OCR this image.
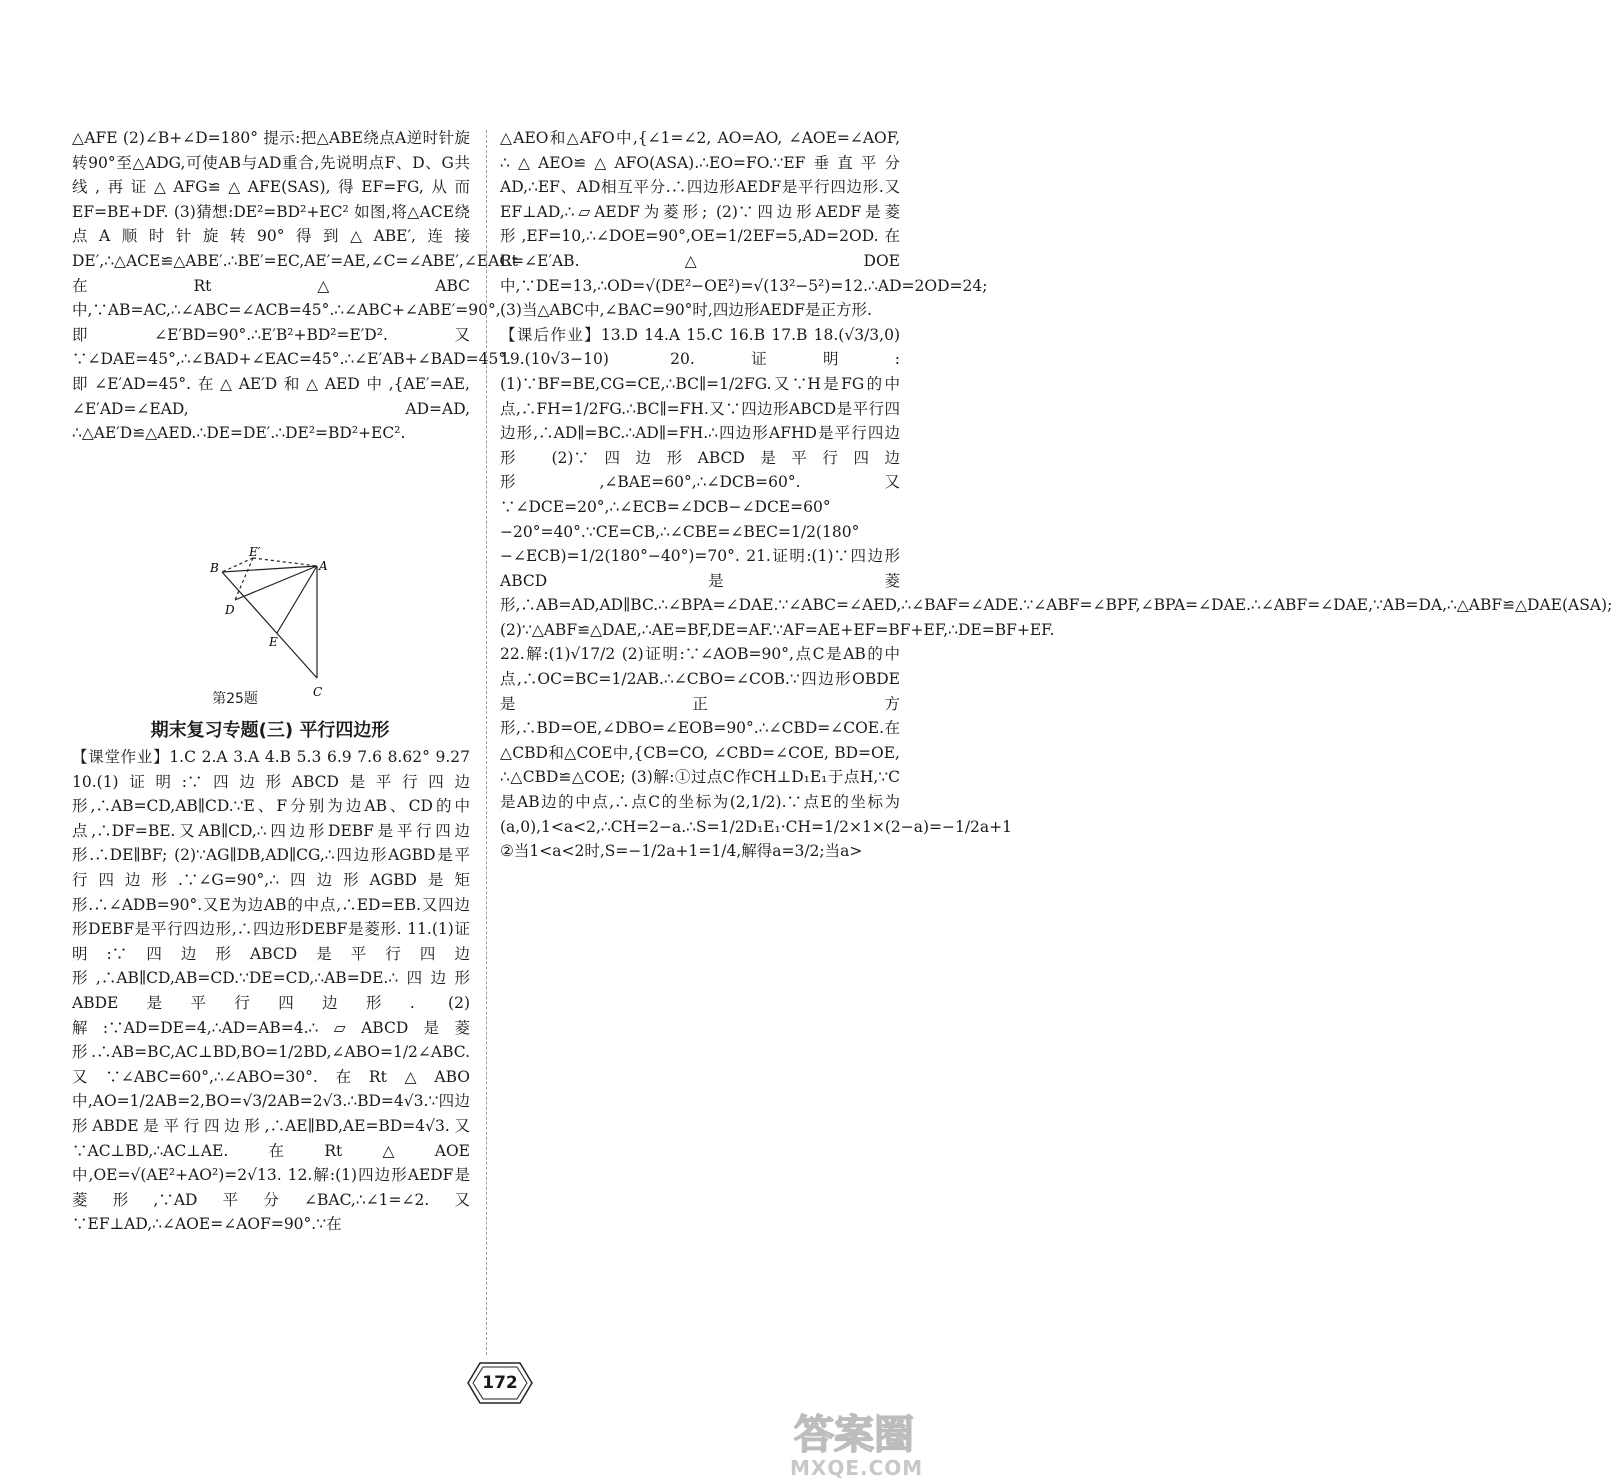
△AFE (2)∠B+∠D=180° 提示:把△ABE绕点A逆时针旋转90°至△ADG,可使AB与AD重合,先说明点F、D、G共线,再证△AFG≌△AFE(SAS),得EF=FG,从而EF=BE+DF. (3)猜想:DE²=BD²+EC² 如图,将△ACE绕点A顺时针旋转90°得到△ABE′,连接DE′,∴△ACE≌△ABE′.∴BE′=EC,AE′=AE,∠C=∠ABE′,∠EAC=∠E′AB.在Rt△ABC中,∵AB=AC,∴∠ABC=∠ACB=45°.∴∠ABC+∠ABE′=90°,即∠E′BD=90°.∴E′B²+BD²=E′D².又∵∠DAE=45°,∴∠BAD+∠EAC=45°.∴∠E′AB+∠BAD=45°.即∠E′AD=45°.在△AE′D和△AED中,{AE′=AE, ∠E′AD=∠EAD, AD=AD, ∴△AE′D≌△AED.∴DE=DE′.∴DE²=BD²+EC².

E′
B	A
D
E
C
第25题
期末复习专题(三) 平行四边形

【课堂作业】1.C 2.A 3.A 4.B 5.3 6.9 7.6 8.62° 9.27 10.(1)证明:∵四边形ABCD是平行四边形,∴AB=CD,AB∥CD.∵E、F分别为边AB、CD的中点,∴DF=BE.又AB∥CD,∴四边形DEBF是平行四边形.∴DE∥BF; (2)∵AG∥DB,AD∥CG,∴四边形AGBD是平行四边形.∵∠G=90°,∴四边形AGBD是矩形.∴∠ADB=90°.又E为边AB的中点,∴ED=EB.又四边形DEBF是平行四边形,∴四边形DEBF是菱形. 11.(1)证明:∵四边形ABCD是平行四边形,∴AB∥CD,AB=CD.∵DE=CD,∴AB=DE.∴四边形ABDE是平行四边形. (2)解:∵AD=DE=4,∴AD=AB=4.∴▱ABCD是菱形.∴AB=BC,AC⊥BD,BO=1/2BD,∠ABO=1/2∠ABC.又∵∠ABC=60°,∴∠ABO=30°.在Rt△ABO中,AO=1/2AB=2,BO=√3/2AB=2√3.∴BD=4√3.∵四边形ABDE是平行四边形,∴AE∥BD,AE=BD=4√3.又∵AC⊥BD,∴AC⊥AE.在Rt△AOE中,OE=√(AE²+AO²)=2√13. 12.解:(1)四边形AEDF是菱形,∵AD平分∠BAC,∴∠1=∠2.又∵EF⊥AD,∴∠AOE=∠AOF=90°.∵在

△AEO和△AFO中,{∠1=∠2, AO=AO, ∠AOE=∠AOF, ∴△AEO≌△AFO(ASA).∴EO=FO.∵EF垂直平分AD,∴EF、AD相互平分.∴四边形AEDF是平行四边形.又EF⊥AD,∴▱AEDF为菱形; (2)∵四边形AEDF是菱形,EF=10,∴∠DOE=90°,OE=1/2EF=5,AD=2OD.在Rt△DOE中,∵DE=13,∴OD=√(DE²−OE²)=√(13²−5²)=12.∴AD=2OD=24; (3)当△ABC中,∠BAC=90°时,四边形AEDF是正方形.

【课后作业】13.D 14.A 15.C 16.B 17.B 18.(√3/3,0) 19.(10√3−10) 20.证明:(1)∵BF=BE,CG=CE,∴BC∥=1/2FG.又∵H是FG的中点,∴FH=1/2FG.∴BC∥=FH.又∵四边形ABCD是平行四边形,∴AD∥=BC.∴AD∥=FH.∴四边形AFHD是平行四边形 (2)∵四边形ABCD是平行四边形,∠BAE=60°,∴∠DCB=60°.又∵∠DCE=20°,∴∠ECB=∠DCB−∠DCE=60°−20°=40°.∵CE=CB,∴∠CBE=∠BEC=1/2(180°−∠ECB)=1/2(180°−40°)=70°. 21.证明:(1)∵四边形ABCD是菱形,∴AB=AD,AD∥BC.∴∠BPA=∠DAE.∵∠ABC=∠AED,∴∠BAF=∠ADE.∵∠ABF=∠BPF,∠BPA=∠DAE.∴∠ABF=∠DAE,∵AB=DA,∴△ABF≌△DAE(ASA); (2)∵△ABF≌△DAE,∴AE=BF,DE=AF.∵AF=AE+EF=BF+EF,∴DE=BF+EF. 22.解:(1)√17/2 (2)证明:∵∠AOB=90°,点C是AB的中点,∴OC=BC=1/2AB.∴∠CBO=∠COB.∵四边形OBDE是正方形,∴BD=OE,∠DBO=∠EOB=90°.∴∠CBD=∠COE.在△CBD和△COE中,{CB=CO, ∠CBD=∠COE, BD=OE, ∴△CBD≌△COE; (3)解:①过点C作CH⊥D₁E₁于点H,∵C是AB边的中点,∴点C的坐标为(2,1/2).∵点E的坐标为(a,0),1<a<2,∴CH=2−a.∴S=1/2D₁E₁·CH=1/2×1×(2−a)=−1/2a+1 ②当1<a<2时,S=−1/2a+1=1/4,解得a=3/2;当a>

172
答案圈
MXQE.COM
